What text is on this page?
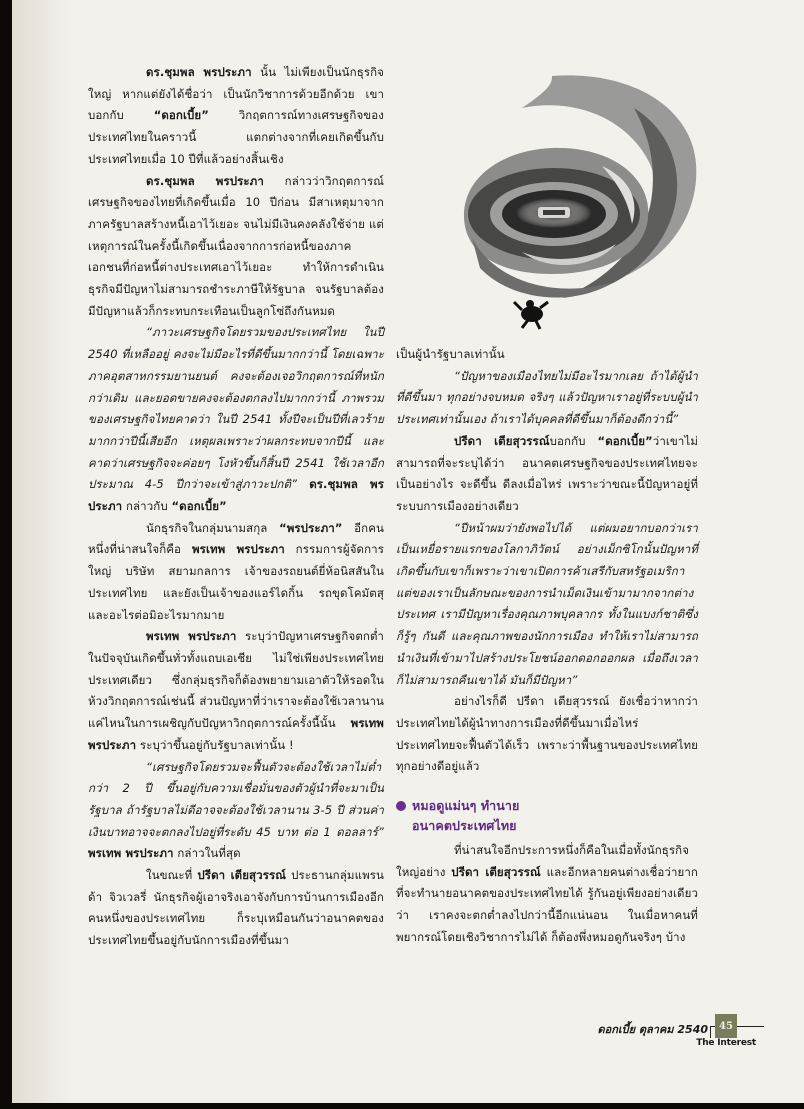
ดร.ชุมพล พรประภา นั้น ไม่เพียงเป็นนักธุรกิจใหญ่ หากแต่ยังได้ชื่อว่า เป็นนักวิชาการด้วยอีกด้วย เขาบอกกับ “ดอกเบี้ย” วิกฤตการณ์ทางเศรษฐกิจของประเทศไทยในคราวนี้ แตกต่างจากที่เคยเกิดขึ้นกับประเทศไทยเมื่อ 10 ปีที่แล้วอย่างสิ้นเชิง

ดร.ชุมพล พรประภา กล่าวว่าวิกฤตการณ์เศรษฐกิจของไทยที่เกิดขึ้นเมื่อ 10 ปีก่อน มีสาเหตุมาจากภาครัฐบาลสร้างหนี้เอาไว้เยอะ จนไม่มีเงินคงคลังใช้จ่าย แต่เหตุการณ์ในครั้งนี้เกิดขึ้นเนื่องจากการก่อหนี้ของภาคเอกชนที่ก่อหนี้ต่างประเทศเอาไว้เยอะ ทำให้การดำเนินธุรกิจมีปัญหาไม่สามารถชำระภาษีให้รัฐบาล จนรัฐบาลต้องมีปัญหาแล้วก็กระทบกระเทือนเป็นลูกโซ่ถึงกันหมด

“ภาวะเศรษฐกิจโดยรวมของประเทศไทย ในปี 2540 ที่เหลืออยู่ คงจะไม่มีอะไรที่ดีขึ้นมากกว่านี้ โดยเฉพาะภาคอุตสาหกรรมยานยนต์ คงจะต้องเจอวิกฤตการณ์ที่หนักกว่าเดิม และยอดขายคงจะต้องตกลงไปมากกว่านี้ ภาพรวมของเศรษฐกิจไทยคาดว่า ในปี 2541 ทั้งปีจะเป็นปีที่เลวร้ายมากกว่าปีนี้เสียอีก เหตุผลเพราะว่าผลกระทบจากปีนี้ และคาดว่าเศรษฐกิจจะค่อยๆ โงหัวขึ้นก็สิ้นปี 2541 ใช้เวลาอีกประมาณ 4-5 ปีกว่าจะเข้าสู่ภาวะปกติ” ดร.ชุมพล พรประภา กล่าวกับ “ดอกเบี้ย”

นักธุรกิจในกลุ่มนามสกุล “พรประภา” อีกคนหนึ่งที่น่าสนใจก็คือ พรเทพ พรประภา กรรมการผู้จัดการใหญ่ บริษัท สยามกลการ เจ้าของรถยนต์ยี่ห้อนิสสันในประเทศไทย และยังเป็นเจ้าของแอร์ไดกิ้น รถขุดโคมัตสุ และอะไรต่อมิอะไรมากมาย

พรเทพ พรประภา ระบุว่าปัญหาเศรษฐกิจตกต่ำในปัจจุบันเกิดขึ้นทั่วทั้งแถบเอเชีย ไม่ใช่เพียงประเทศไทยประเทศเดียว ซึ่งกลุ่มธุรกิจก็ต้องพยายามเอาตัวให้รอดในห้วงวิกฤตการณ์เช่นนี้ ส่วนปัญหาที่ว่าเราจะต้องใช้เวลานานแค่ไหนในการเผชิญกับปัญหาวิกฤตการณ์ครั้งนี้นั้น พรเทพ พรประภา ระบุว่าขึ้นอยู่กับรัฐบาลเท่านั้น !

“เศรษฐกิจโดยรวมจะฟื้นตัวจะต้องใช้เวลาไม่ต่ำกว่า 2 ปี ขึ้นอยู่กับความเชื่อมั่นของตัวผู้นำที่จะมาเป็นรัฐบาล ถ้ารัฐบาลไม่ดีอาจจะต้องใช้เวลานาน 3-5 ปี ส่วนค่าเงินบาทอาจจะตกลงไปอยู่ที่ระดับ 45 บาท ต่อ 1 ดอลลาร์” พรเทพ พรประภา กล่าวในที่สุด

ในขณะที่ ปรีดา เตียสุวรรณ์ ประธานกลุ่มแพรนด้า จิวเวลรี่ นักธุรกิจผู้เอาจริงเอาจังกับการบ้านการเมืองอีกคนหนึ่งของประเทศไทย ก็ระบุเหมือนกันว่าอนาคตของประเทศไทยขึ้นอยู่กับนักการเมืองที่ขึ้นมา

เป็นผู้นำรัฐบาลเท่านั้น

“ปัญหาของเมืองไทยไม่มีอะไรมากเลย ถ้าได้ผู้นำที่ดีขึ้นมา ทุกอย่างจบหมด จริงๆ แล้วปัญหาเราอยู่ที่ระบบผู้นำประเทศเท่านั้นเอง ถ้าเราได้บุคคลที่ดีขึ้นมาก็ต้องดีกว่านี้”

ปรีดา เตียสุวรรณ์บอกกับ “ดอกเบี้ย”ว่าเขาไม่สามารถที่จะระบุได้ว่า อนาคตเศรษฐกิจของประเทศไทยจะเป็นอย่างไร จะดีขึ้น ดีลงเมื่อไหร่ เพราะว่าขณะนี้ปัญหาอยู่ที่ระบบการเมืองอย่างเดียว

“ปีหน้าผมว่ายังพอไปได้ แต่ผมอยากบอกว่าเราเป็นเหยื่อรายแรกของโลกาภิวัตน์ อย่างเม็กซิโกนั้นปัญหาที่เกิดขึ้นกับเขาก็เพราะว่าเขาเปิดการค้าเสรีกับสหรัฐอเมริกา แต่ของเราเป็นลักษณะของการนำเม็ดเงินเข้ามามากจากต่างประเทศ เรามีปัญหาเรื่องคุณภาพบุคลากร ทั้งในแบงก์ชาติซึ่งก็รู้ๆ กันดี และคุณภาพของนักการเมือง ทำให้เราไม่สามารถนำเงินที่เข้ามาไปสร้างประโยชน์ออกดอกออกผล เมื่อถึงเวลาก็ไม่สามารถคืนเขาได้ มันก็มีปัญหา”

อย่างไรก็ดี ปรีดา เตียสุวรรณ์ ยังเชื่อว่าหากว่าประเทศไทยได้ผู้นำทางการเมืองที่ดีขึ้นมาเมื่อไหร่ ประเทศไทยจะฟื้นตัวได้เร็ว เพราะว่าพื้นฐานของประเทศไทยทุกอย่างดีอยู่แล้ว

หมอดูแม่นๆ ทำนาย
อนาคตประเทศไทย

ที่น่าสนใจอีกประการหนึ่งก็คือในเมื่อทั้งนักธุรกิจใหญ่อย่าง ปรีดา เตียสุวรรณ์ และอีกหลายคนต่างเชื่อว่ายากที่จะทำนายอนาคตของประเทศไทยได้ รู้กันอยู่เพียงอย่างเดียวว่า เราคงจะตกต่ำลงไปกว่านี้อีกแน่นอน ในเมื่อหาคนที่พยากรณ์โดยเชิงวิชาการไม่ได้ ก็ต้องพึ่งหมอดูกันจริงๆ บ้าง

ดอกเบี้ย ตุลาคม 2540	45
The Interest
